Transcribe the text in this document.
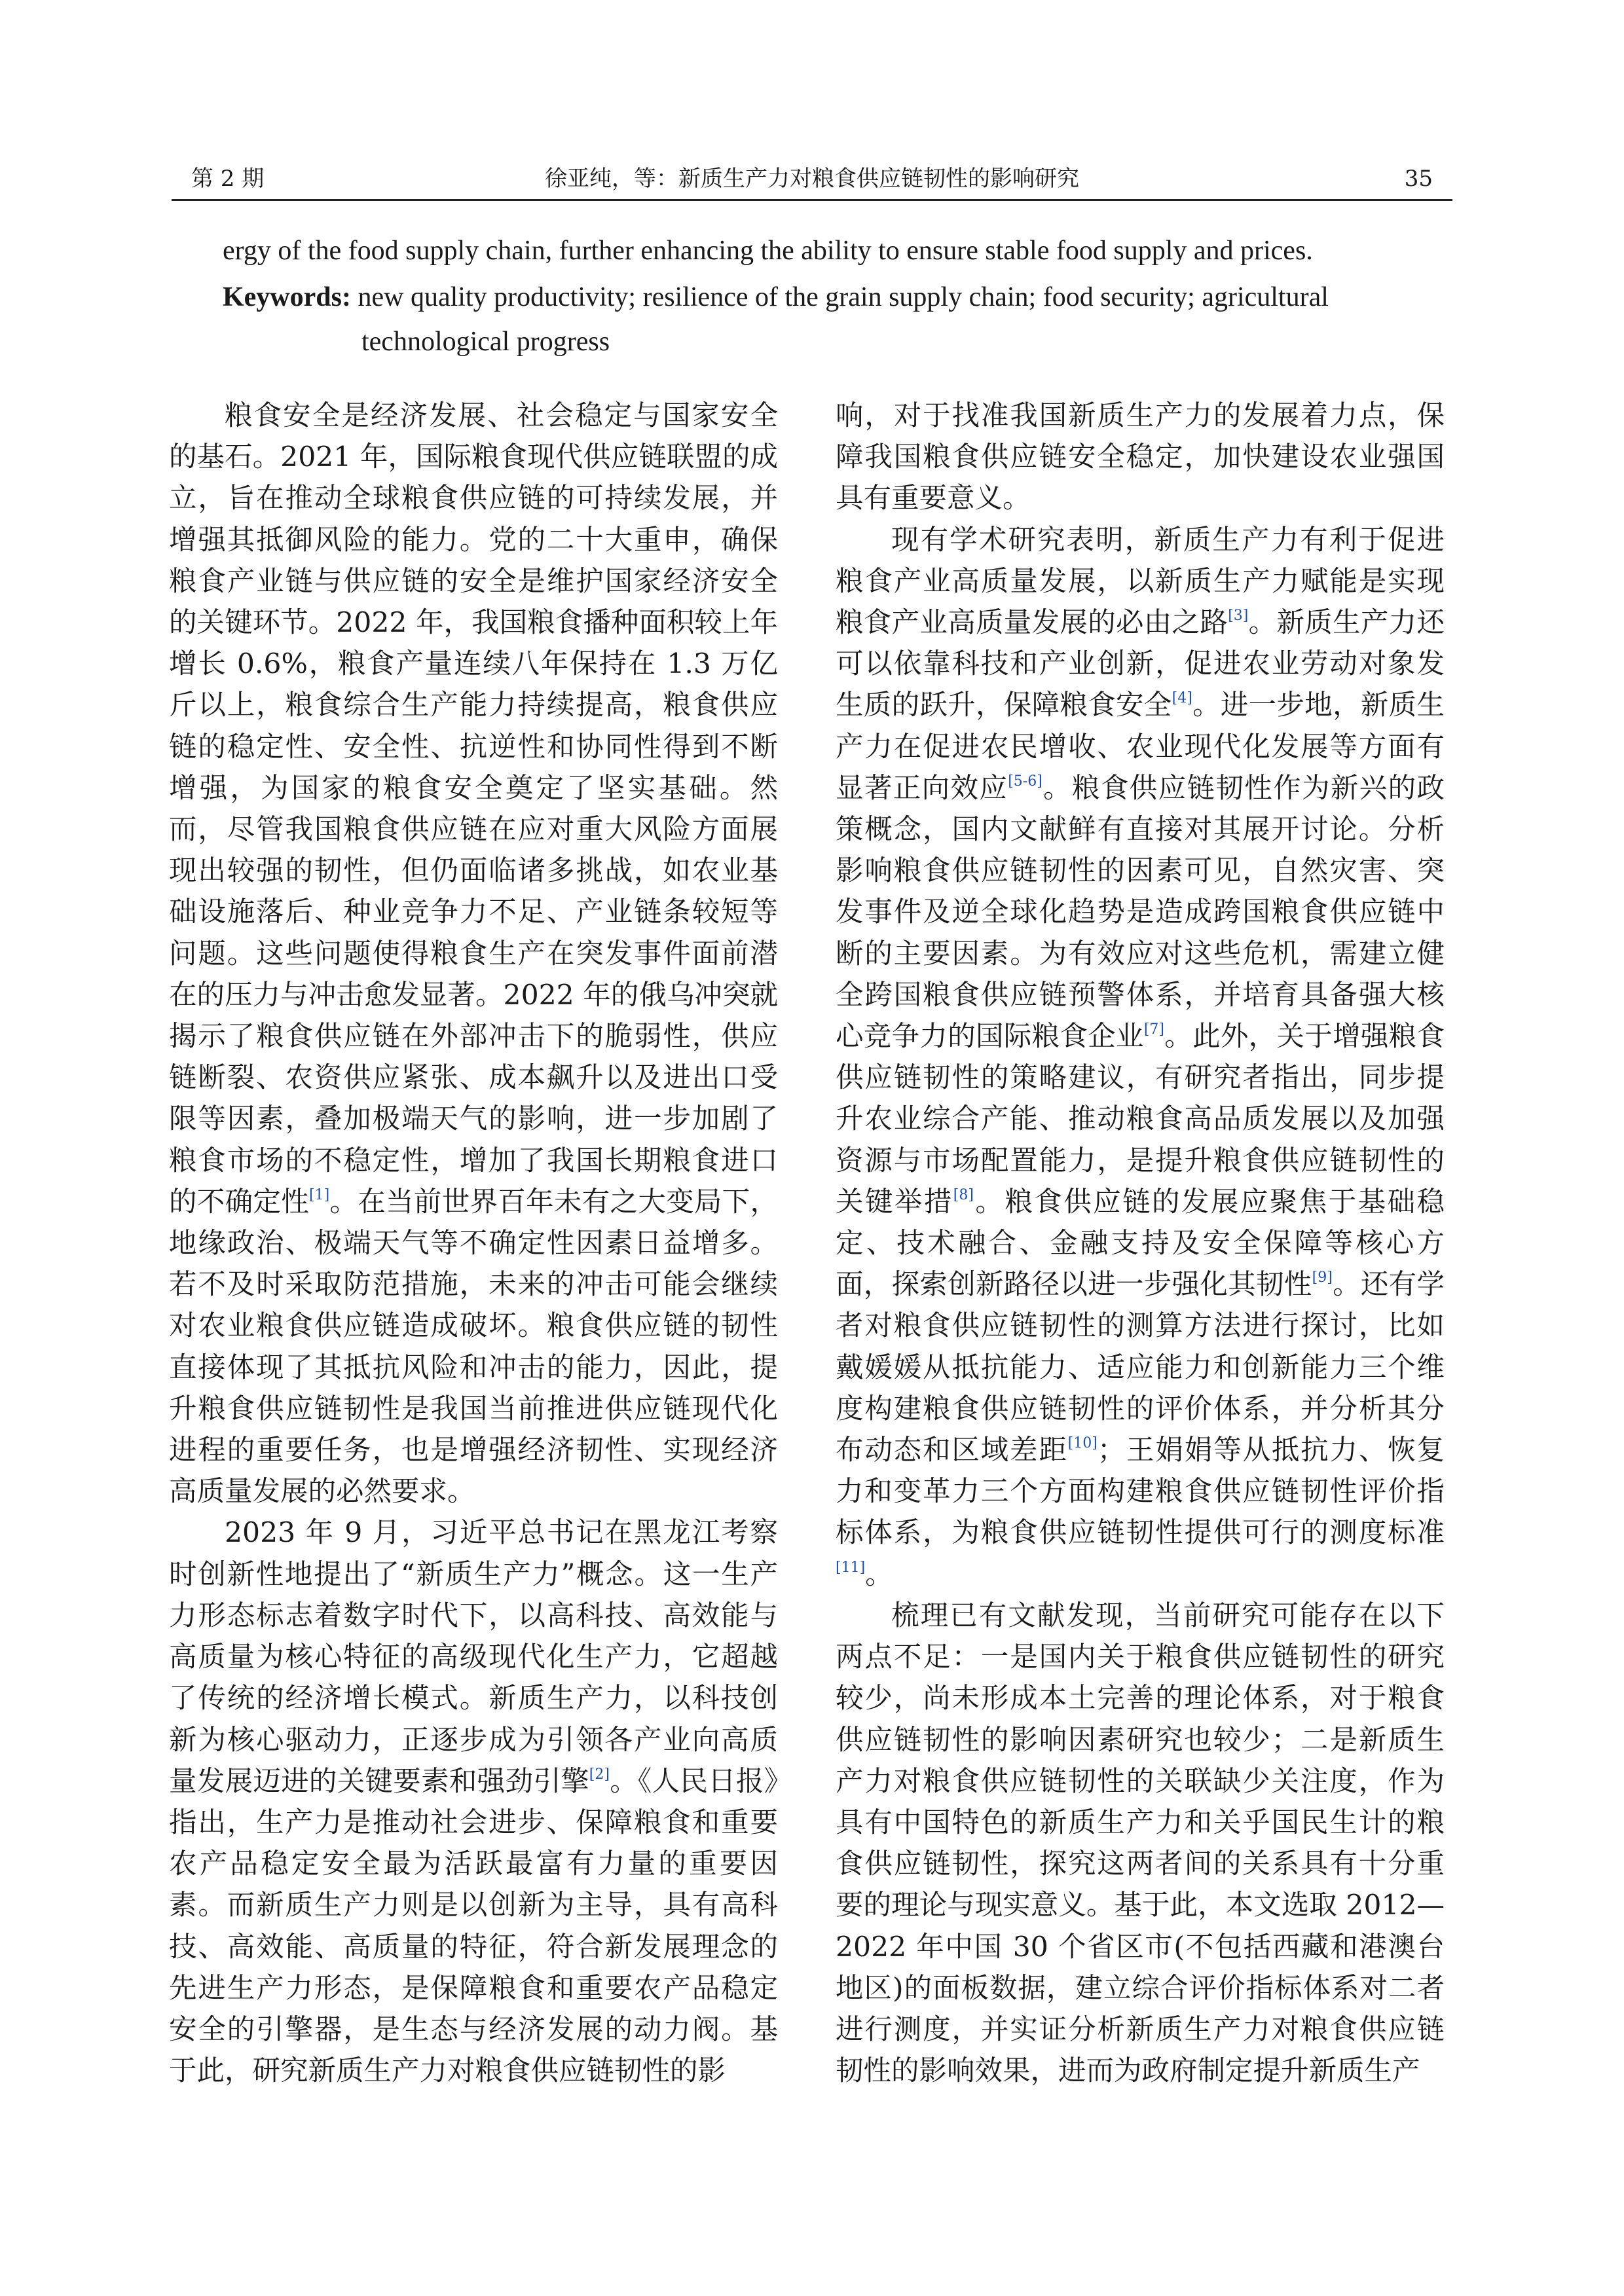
第 2 期	徐亚纯，等：新质生产力对粮食供应链韧性的影响研究	35
ergy of the food supply chain, further enhancing the ability to ensure stable food supply and prices.
Keywords: new quality productivity; resilience of the grain supply chain; food security; agricultural
technological progress

粮食安全是经济发展、社会稳定与国家安全的基石。2021 年，国际粮食现代供应链联盟的成立，旨在推动全球粮食供应链的可持续发展，并增强其抵御风险的能力。党的二十大重申，确保粮食产业链与供应链的安全是维护国家经济安全的关键环节。2022 年，我国粮食播种面积较上年增长 0.6%，粮食产量连续八年保持在 1.3 万亿斤以上，粮食综合生产能力持续提高，粮食供应链的稳定性、安全性、抗逆性和协同性得到不断增强，为国家的粮食安全奠定了坚实基础。然而，尽管我国粮食供应链在应对重大风险方面展现出较强的韧性，但仍面临诸多挑战，如农业基础设施落后、种业竞争力不足、产业链条较短等问题。这些问题使得粮食生产在突发事件面前潜在的压力与冲击愈发显著。2022 年的俄乌冲突就揭示了粮食供应链在外部冲击下的脆弱性，供应链断裂、农资供应紧张、成本飙升以及进出口受限等因素，叠加极端天气的影响，进一步加剧了粮食市场的不稳定性，增加了我国长期粮食进口的不确定性[1]。在当前世界百年未有之大变局下，地缘政治、极端天气等不确定性因素日益增多。若不及时采取防范措施，未来的冲击可能会继续对农业粮食供应链造成破坏。粮食供应链的韧性直接体现了其抵抗风险和冲击的能力，因此，提升粮食供应链韧性是我国当前推进供应链现代化进程的重要任务，也是增强经济韧性、实现经济高质量发展的必然要求。

2023 年 9 月，习近平总书记在黑龙江考察时创新性地提出了“新质生产力”概念。这一生产力形态标志着数字时代下，以高科技、高效能与高质量为核心特征的高级现代化生产力，它超越了传统的经济增长模式。新质生产力，以科技创新为核心驱动力，正逐步成为引领各产业向高质量发展迈进的关键要素和强劲引擎[2]。《人民日报》指出，生产力是推动社会进步、保障粮食和重要农产品稳定安全最为活跃最富有力量的重要因素。而新质生产力则是以创新为主导，具有高科技、高效能、高质量的特征，符合新发展理念的先进生产力形态，是保障粮食和重要农产品稳定安全的引擎器，是生态与经济发展的动力阀。基于此，研究新质生产力对粮食供应链韧性的影

响，对于找准我国新质生产力的发展着力点，保障我国粮食供应链安全稳定，加快建设农业强国具有重要意义。

现有学术研究表明，新质生产力有利于促进粮食产业高质量发展，以新质生产力赋能是实现粮食产业高质量发展的必由之路[3]。新质生产力还可以依靠科技和产业创新，促进农业劳动对象发生质的跃升，保障粮食安全[4]。进一步地，新质生产力在促进农民增收、农业现代化发展等方面有显著正向效应[5-6]。粮食供应链韧性作为新兴的政策概念，国内文献鲜有直接对其展开讨论。分析影响粮食供应链韧性的因素可见，自然灾害、突发事件及逆全球化趋势是造成跨国粮食供应链中断的主要因素。为有效应对这些危机，需建立健全跨国粮食供应链预警体系，并培育具备强大核心竞争力的国际粮食企业[7]。此外，关于增强粮食供应链韧性的策略建议，有研究者指出，同步提升农业综合产能、推动粮食高品质发展以及加强资源与市场配置能力，是提升粮食供应链韧性的关键举措[8]。粮食供应链的发展应聚焦于基础稳定、技术融合、金融支持及安全保障等核心方面，探索创新路径以进一步强化其韧性[9]。还有学者对粮食供应链韧性的测算方法进行探讨，比如戴媛媛从抵抗能力、适应能力和创新能力三个维度构建粮食供应链韧性的评价体系，并分析其分布动态和区域差距[10]；王娟娟等从抵抗力、恢复力和变革力三个方面构建粮食供应链韧性评价指标体系，为粮食供应链韧性提供可行的测度标准[11]。

梳理已有文献发现，当前研究可能存在以下两点不足：一是国内关于粮食供应链韧性的研究较少，尚未形成本土完善的理论体系，对于粮食供应链韧性的影响因素研究也较少；二是新质生产力对粮食供应链韧性的关联缺少关注度，作为具有中国特色的新质生产力和关乎国民生计的粮食供应链韧性，探究这两者间的关系具有十分重要的理论与现实意义。基于此，本文选取 2012—2022 年中国 30 个省区市(不包括西藏和港澳台地区)的面板数据，建立综合评价指标体系对二者进行测度，并实证分析新质生产力对粮食供应链韧性的影响效果，进而为政府制定提升新质生产
